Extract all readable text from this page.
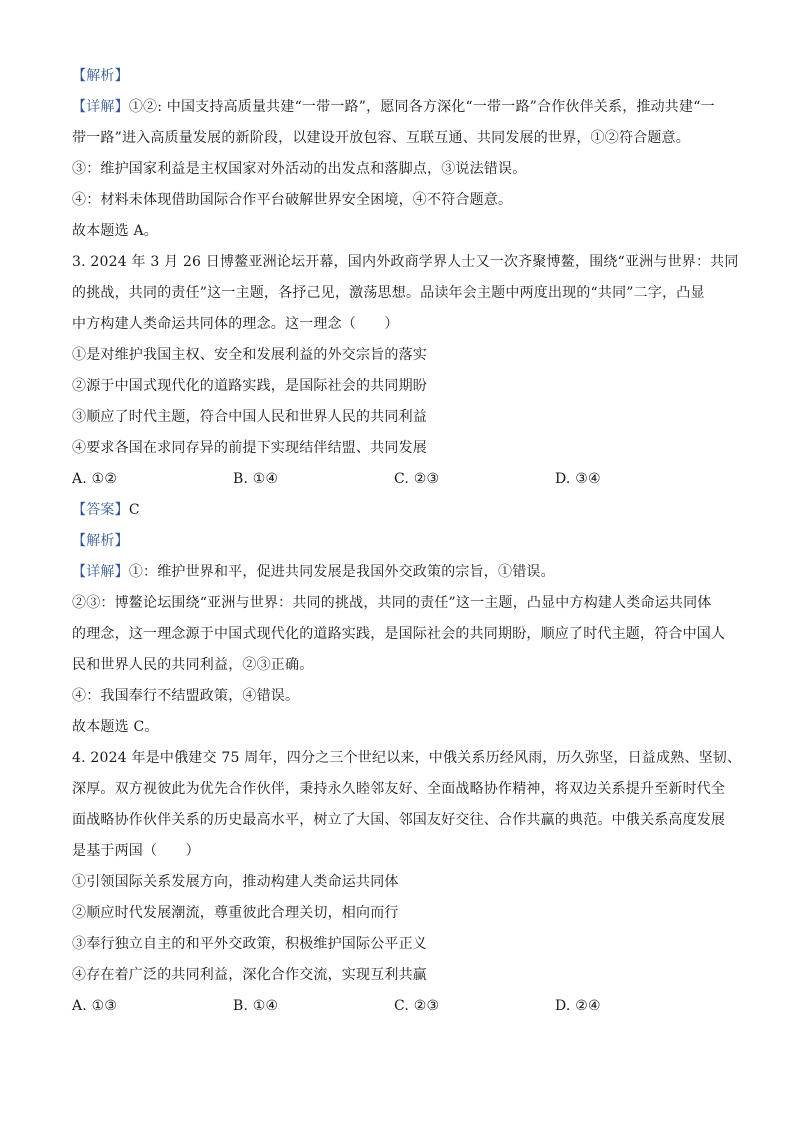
【解析】
【详解】①②: 中国支持高质量共建“一带一路”，愿同各方深化“一带一路”合作伙伴关系，推动共建“一
带一路”进入高质量发展的新阶段，以建设开放包容、互联互通、共同发展的世界，①②符合题意。
③：维护国家利益是主权国家对外活动的出发点和落脚点，③说法错误。
④：材料未体现借助国际合作平台破解世界安全困境，④不符合题意。
故本题选 A。
3. 2024 年 3 月 26 日博鳌亚洲论坛开幕，国内外政商学界人士又一次齐聚博鳌，围绕“亚洲与世界：共同
的挑战，共同的责任”这一主题，各抒己见，激荡思想。品读年会主题中两度出现的“共同”二字，凸显
中方构建人类命运共同体的理念。这一理念（　　）
①是对维护我国主权、安全和发展利益的外交宗旨的落实
②源于中国式现代化的道路实践，是国际社会的共同期盼
③顺应了时代主题，符合中国人民和世界人民的共同利益
④要求各国在求同存异的前提下实现结伴结盟、共同发展
A. ①②	B. ①④	C. ②③	D. ③④
【答案】C
【解析】
【详解】①：维护世界和平，促进共同发展是我国外交政策的宗旨，①错误。
②③：博鳌论坛围绕“亚洲与世界：共同的挑战，共同的责任”这一主题，凸显中方构建人类命运共同体
的理念，这一理念源于中国式现代化的道路实践，是国际社会的共同期盼，顺应了时代主题，符合中国人
民和世界人民的共同利益，②③正确。
④：我国奉行不结盟政策，④错误。
故本题选 C。
4. 2024 年是中俄建交 75 周年，四分之三个世纪以来，中俄关系历经风雨，历久弥坚，日益成熟、坚韧、
深厚。双方视彼此为优先合作伙伴，秉持永久睦邻友好、全面战略协作精神，将双边关系提升至新时代全
面战略协作伙伴关系的历史最高水平，树立了大国、邻国友好交往、合作共赢的典范。中俄关系高度发展
是基于两国（　　）
①引领国际关系发展方向，推动构建人类命运共同体
②顺应时代发展潮流，尊重彼此合理关切，相向而行
③奉行独立自主的和平外交政策，积极维护国际公平正义
④存在着广泛的共同利益，深化合作交流，实现互利共赢
A. ①③	B. ①④	C. ②③	D. ②④
